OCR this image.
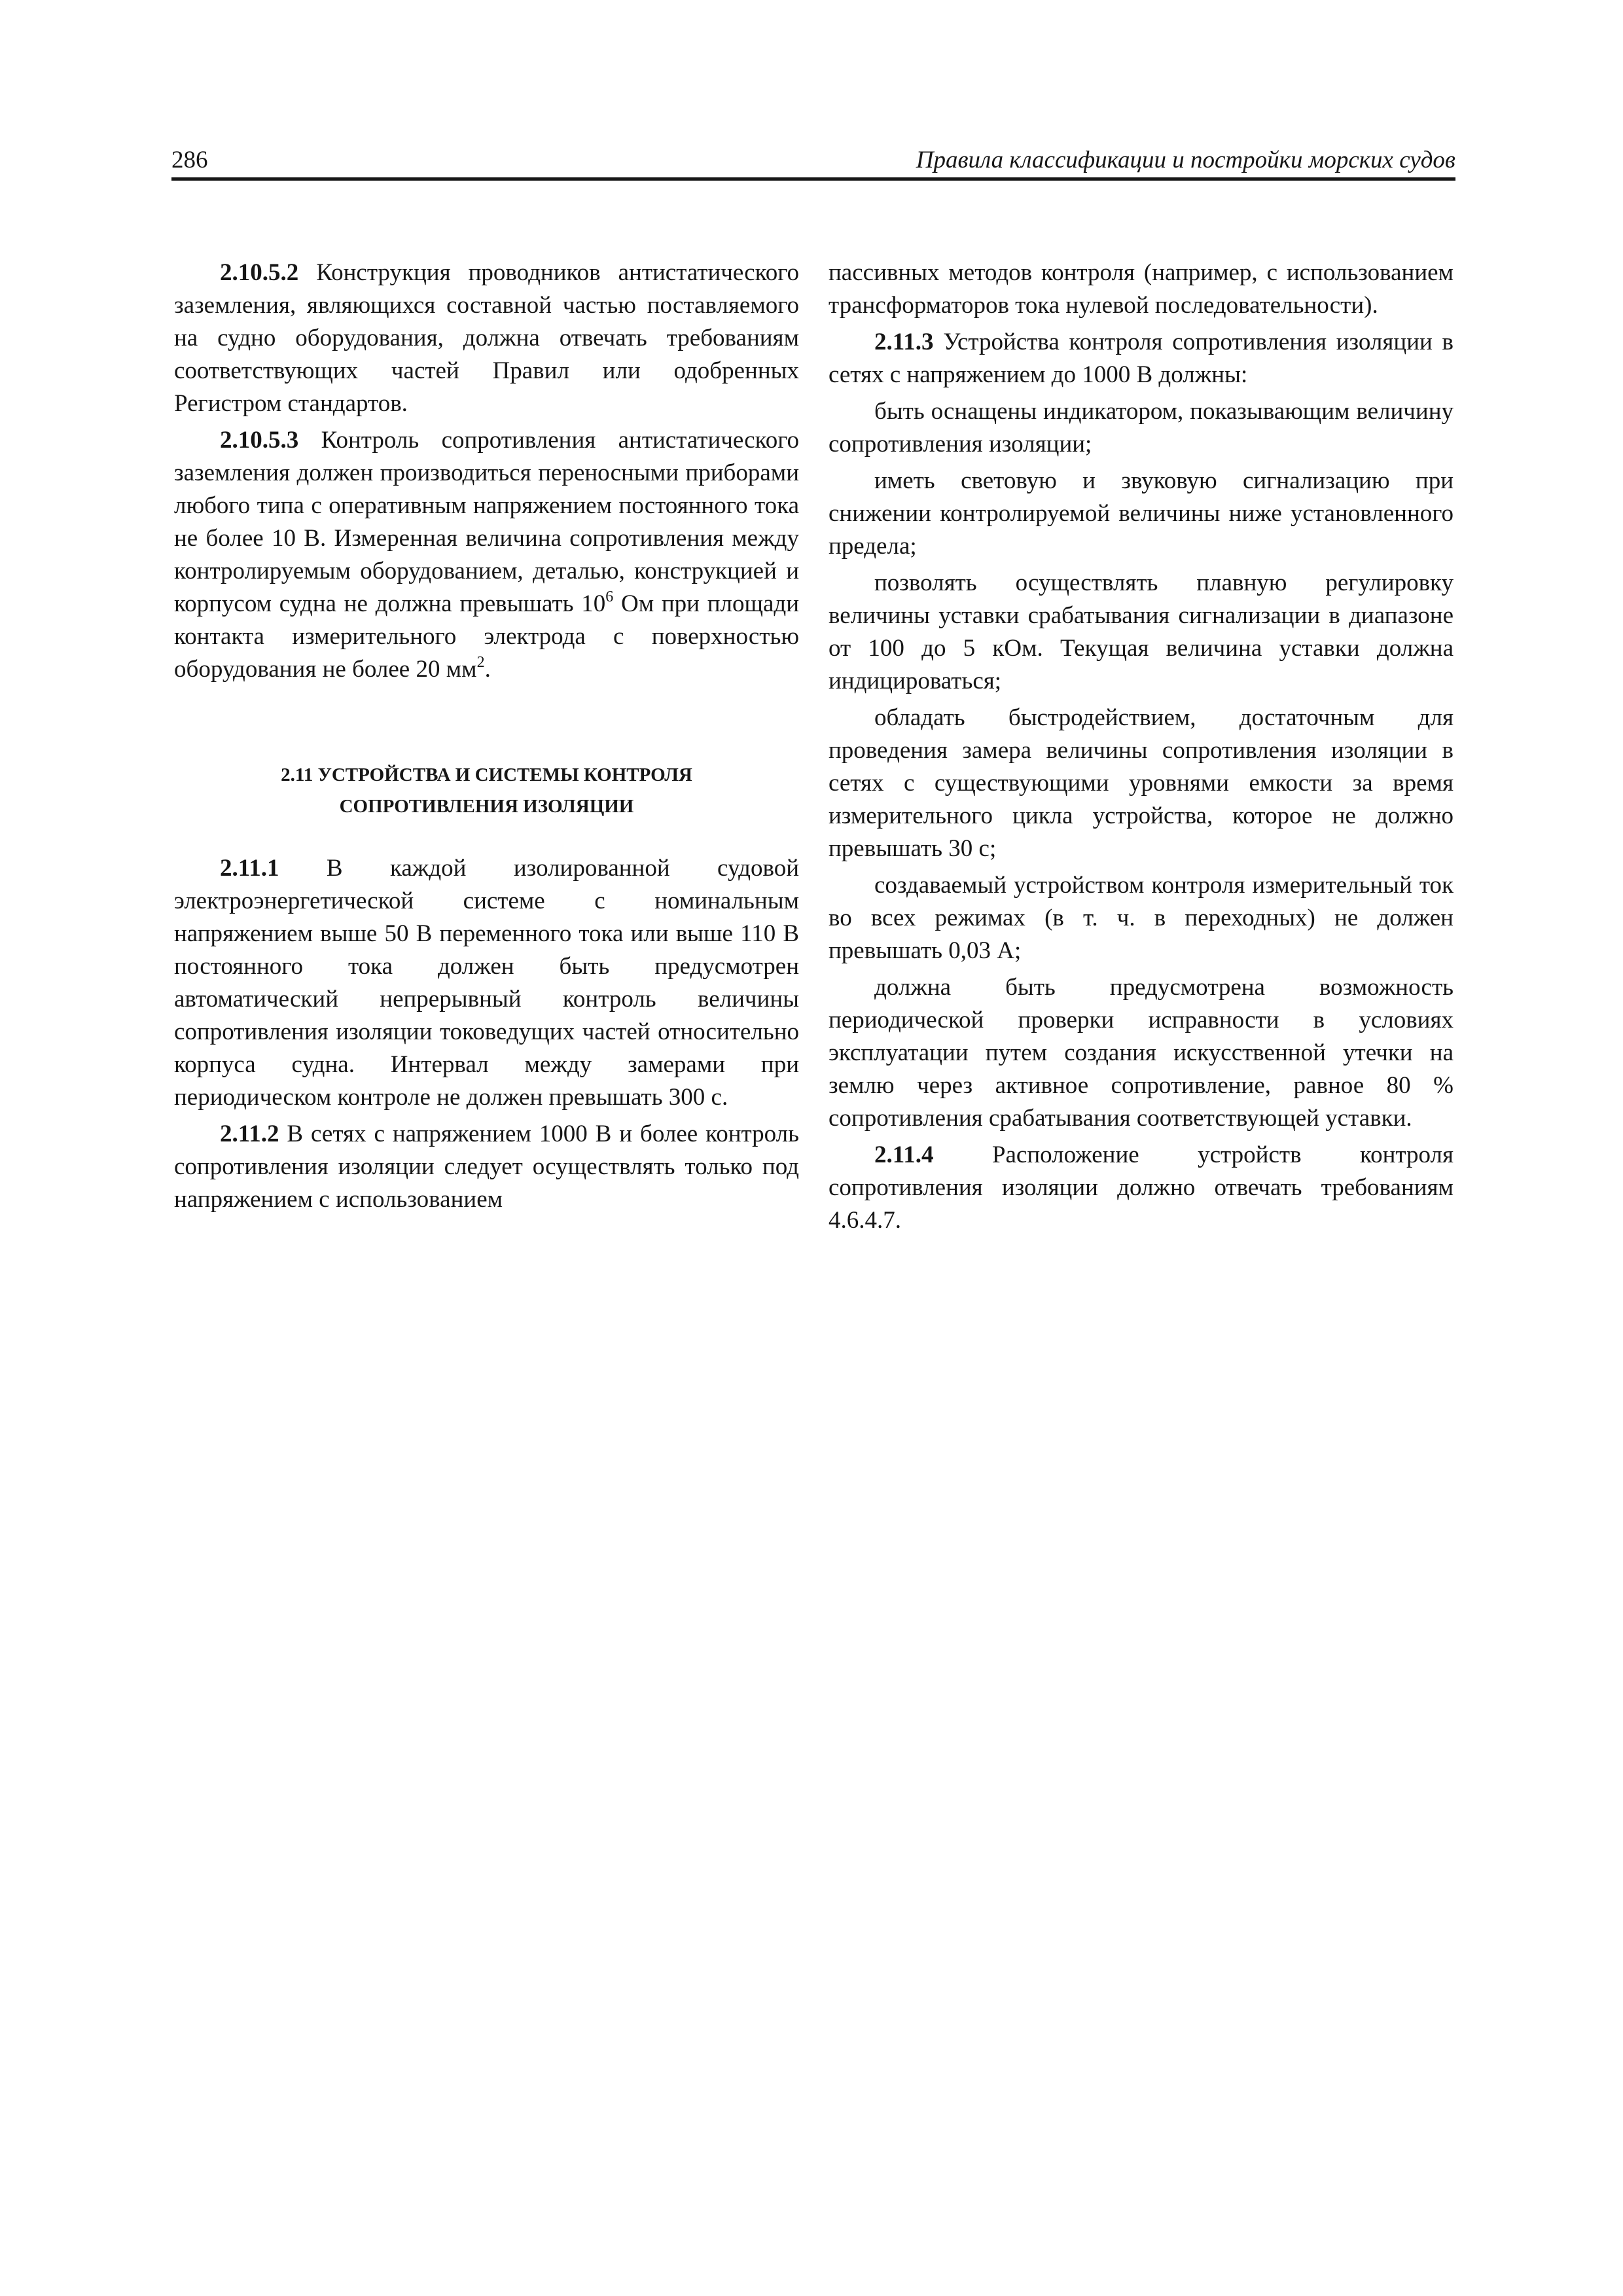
286	Правила классификации и постройки морских судов

2.10.5.2 Конструкция проводников антистатического заземления, являющихся составной частью поставляемого на судно оборудования, должна отвечать требованиям соответствующих частей Правил или одобренных Регистром стандартов.

2.10.5.3 Контроль сопротивления антистатического заземления должен производиться переносными приборами любого типа с оперативным напряжением постоянного тока не более 10 В. Измеренная величина сопротивления между контролируемым оборудованием, деталью, конструкцией и корпусом судна не должна превышать $10^6$ Ом при площади контакта измерительного электрода с поверхностью оборудования не более 20 $мм^2$.

2.11 УСТРОЙСТВА И СИСТЕМЫ КОНТРОЛЯ
СОПРОТИВЛЕНИЯ ИЗОЛЯЦИИ

2.11.1 В каждой изолированной судовой электроэнергетической системе с номинальным напряжением выше 50 В переменного тока или выше 110 В постоянного тока должен быть предусмотрен автоматический непрерывный контроль величины сопротивления изоляции токоведущих частей относительно корпуса судна. Интервал между замерами при периодическом контроле не должен превышать 300 с.

2.11.2 В сетях с напряжением 1000 В и более контроль сопротивления изоляции следует осуществлять только под напряжением с использованием

пассивных методов контроля (например, с использованием трансформаторов тока нулевой последовательности).

2.11.3 Устройства контроля сопротивления изоляции в сетях с напряжением до 1000 В должны:

быть оснащены индикатором, показывающим величину сопротивления изоляции;

иметь световую и звуковую сигнализацию при снижении контролируемой величины ниже установленного предела;

позволять осуществлять плавную регулировку величины уставки срабатывания сигнализации в диапазоне от 100 до 5 кОм. Текущая величина уставки должна индицироваться;

обладать быстродействием, достаточным для проведения замера величины сопротивления изоляции в сетях с существующими уровнями емкости за время измерительного цикла устройства, которое не должно превышать 30 с;

создаваемый устройством контроля измерительный ток во всех режимах (в т. ч. в переходных) не должен превышать 0,03 А;

должна быть предусмотрена возможность периодической проверки исправности в условиях эксплуатации путем создания искусственной утечки на землю через активное сопротивление, равное 80 % сопротивления срабатывания соответствующей уставки.

2.11.4 Расположение устройств контроля сопротивления изоляции должно отвечать требованиям 4.6.4.7.
